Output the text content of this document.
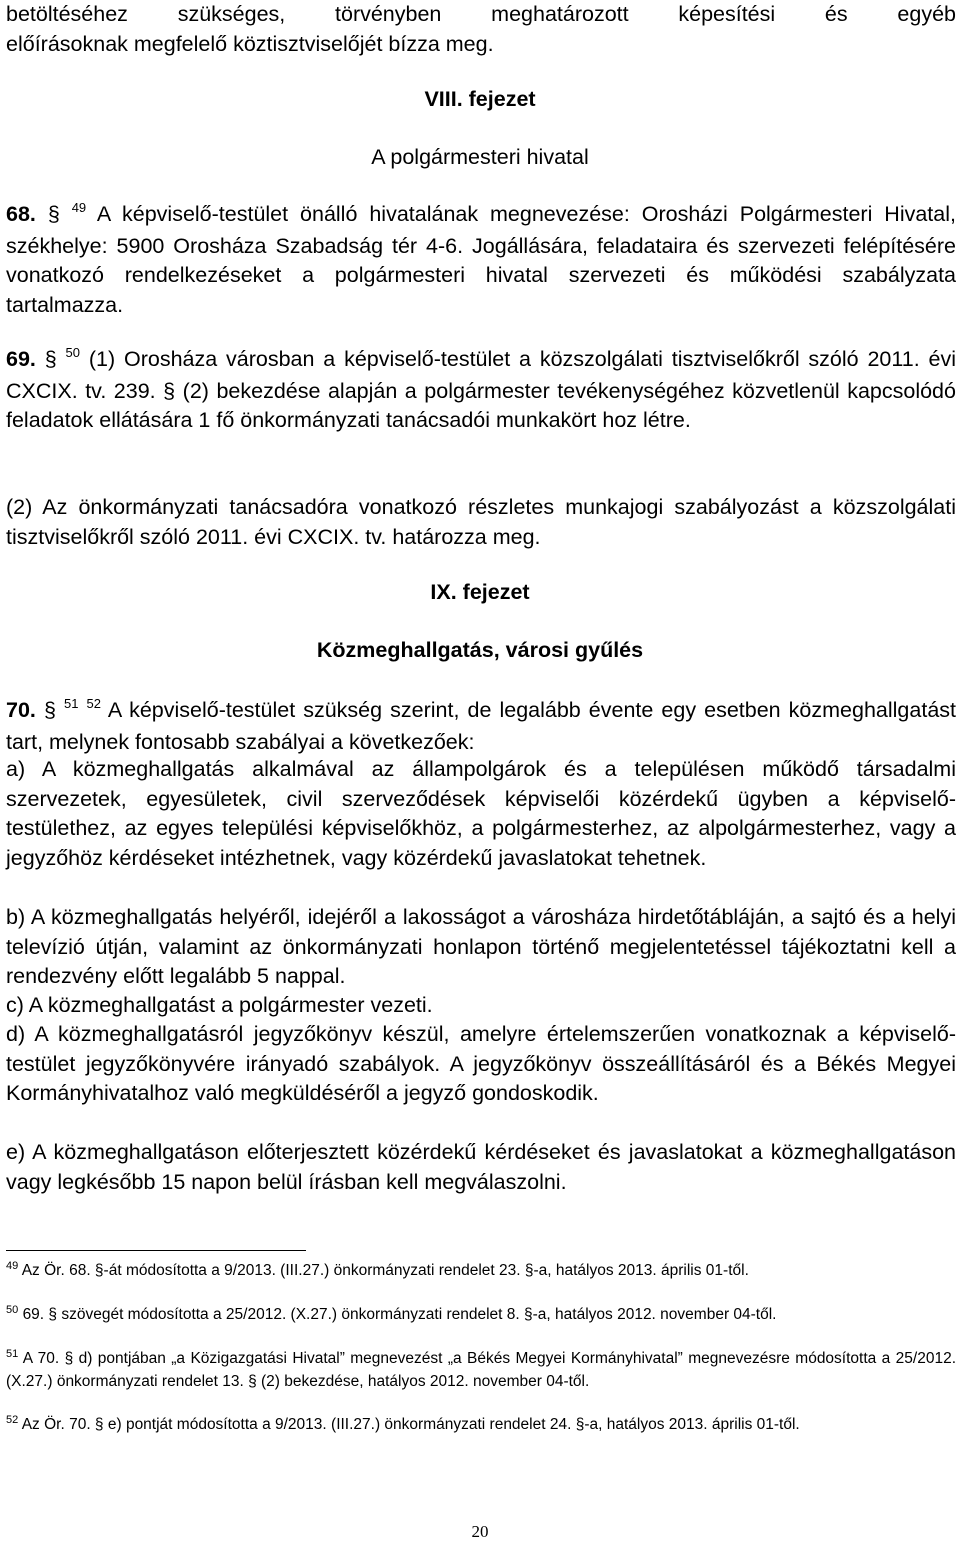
betöltéséhez szükséges, törvényben meghatározott képesítési és egyéb
előírásoknak megfelelő köztisztviselőjét bízza meg.

VIII. fejezet

A polgármesteri hivatal

68. § $^{49}$ A képviselő-testület önálló hivatalának megnevezése: Orosházi Polgármesteri Hivatal, székhelye: 5900 Orosháza Szabadság tér 4-6. Jogállására, feladataira és szervezeti felépítésére vonatkozó rendelkezéseket a polgármesteri hivatal szervezeti és működési szabályzata tartalmazza.

69. § $^{50}$ (1) Orosháza városban a képviselő-testület a közszolgálati tisztviselőkről szóló 2011. évi CXCIX. tv. 239. § (2) bekezdése alapján a polgármester tevékenységéhez közvetlenül kapcsolódó feladatok ellátására 1 fő önkormányzati tanácsadói munkakört hoz létre.

(2) Az önkormányzati tanácsadóra vonatkozó részletes munkajogi szabályozást a közszolgálati tisztviselőkről szóló 2011. évi CXCIX. tv. határozza meg.

IX. fejezet

Közmeghallgatás, városi gyűlés

70. § $^{51}$ $^{52}$ A képviselő-testület szükség szerint, de legalább évente egy esetben közmeghallgatást tart, melynek fontosabb szabályai a következőek:

a) A közmeghallgatás alkalmával az állampolgárok és a településen működő társadalmi szervezetek, egyesületek, civil szerveződések képviselői közérdekű ügyben a képviselő-testülethez, az egyes települési képviselőkhöz, a polgármesterhez, az alpolgármesterhez, vagy a jegyzőhöz kérdéseket intézhetnek, vagy közérdekű javaslatokat tehetnek.

b) A közmeghallgatás helyéről, idejéről a lakosságot a városháza hirdetőtábláján, a sajtó és a helyi televízió útján, valamint az önkormányzati honlapon történő megjelentetéssel tájékoztatni kell a rendezvény előtt legalább 5 nappal.

c) A közmeghallgatást a polgármester vezeti.

d) A közmeghallgatásról jegyzőkönyv készül, amelyre értelemszerűen vonatkoznak a képviselő-testület jegyzőkönyvére irányadó szabályok. A jegyzőkönyv összeállításáról és a Békés Megyei Kormányhivatalhoz való megküldéséről a jegyző gondoskodik.

e) A közmeghallgatáson előterjesztett közérdekű kérdéseket és javaslatokat a közmeghallgatáson vagy legkésőbb 15 napon belül írásban kell megválaszolni.

$^{49}$ Az Ör. 68. §-át módosította a 9/2013. (III.27.) önkormányzati rendelet 23. §-a, hatályos 2013. április 01-től.

$^{50}$ 69. § szövegét módosította a 25/2012. (X.27.) önkormányzati rendelet 8. §-a, hatályos 2012. november 04-től.

$^{51}$ A 70. § d) pontjában „a Közigazgatási Hivatal” megnevezést „a Békés Megyei Kormányhivatal” megnevezésre módosította a 25/2012. (X.27.) önkormányzati rendelet 13. § (2) bekezdése, hatályos 2012. november 04-től.

$^{52}$ Az Ör. 70. § e) pontját módosította a 9/2013. (III.27.) önkormányzati rendelet 24. §-a, hatályos 2013. április 01-től.

20
